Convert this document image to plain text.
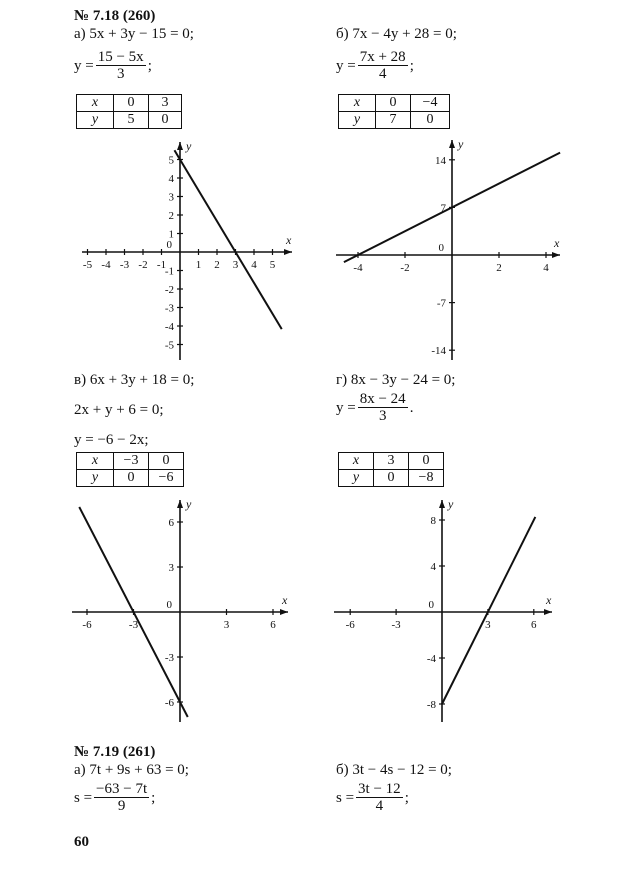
№ 7.18 (260)
а) 5x + 3y − 15 = 0;
$y = \frac{15 - 5x}{3}$ ;
x	0	3
y	5	0
б) 7x − 4y + 28 = 0;
$y = \frac{7x + 28}{4}$ ;
x	0	−4
y	7	0
x
y
-5 -4 -3 -2 -1	1 2 3 4 5
-5
-4
-3
-2
-1
1
2
3
4
5
0	x
y
-4	-2	2	4
-14
-7
7
14
0
x
y
-6	-3	3	6
-6
-3
3
6
0	x
y
-6	-3	3	6
-8
-4
4
8
0
в) 6x + 3y + 18 = 0;
2x + y + 6 = 0;
y = −6 − 2x;
x	−3	0
y	0	−6
г) 8x − 3y − 24 = 0;
$y = \frac{8x - 24}{3}$ .
x	3	0
y	0	−8
№ 7.19 (261)
а) 7t + 9s + 63 = 0;
$s = \frac{-63 - 7t}{9}$ ;
б) 3t − 4s − 12 = 0;
$s = \frac{3t - 12}{4}$ ;
60
